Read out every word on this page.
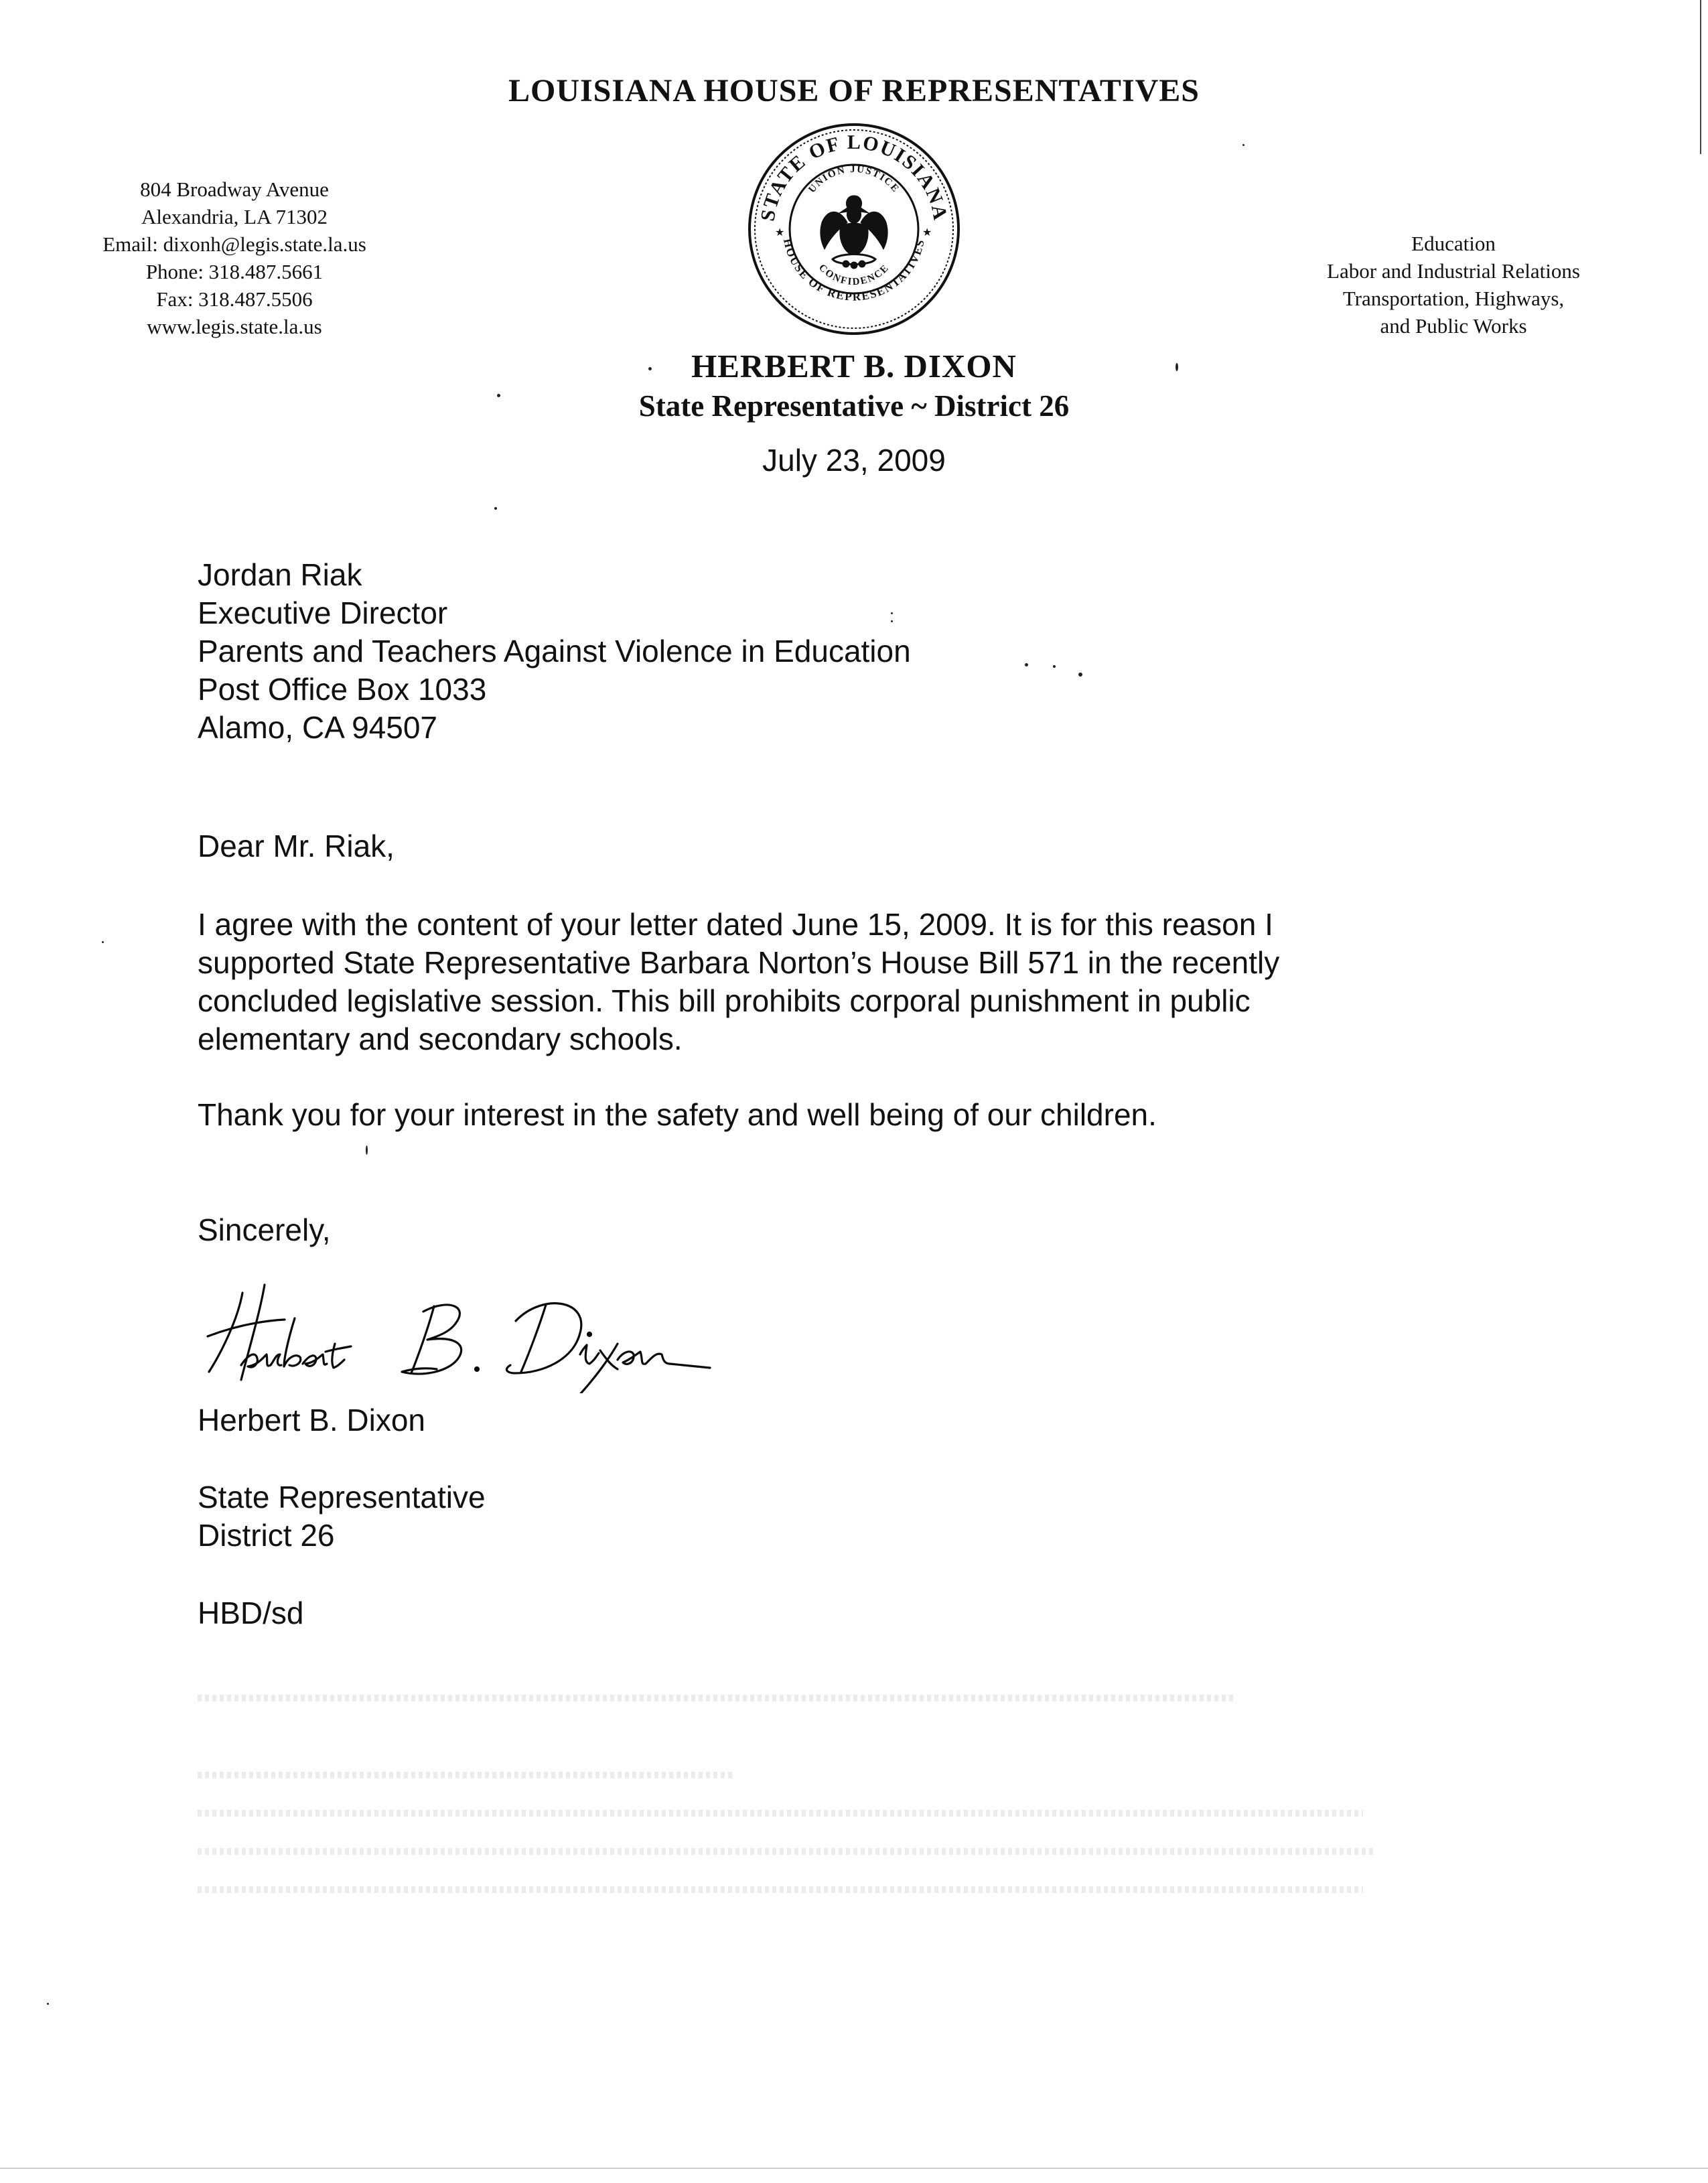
LOUISIANA HOUSE OF REPRESENTATIVES
804 Broadway Avenue
Alexandria, LA 71302
Email: dixonh@legis.state.la.us
Phone: 318.487.5661
Fax: 318.487.5506
www.legis.state.la.us
STATE OF LOUISIANA
HOUSE OF REPRESENTATIVES
UNION JUSTICE
CONFIDENCE
★	★	Education
Labor and Industrial Relations
Transportation, Highways,
and Public Works
HERBERT B. DIXON
State Representative ~ District 26
July 23, 2009
Jordan Riak
Executive Director
Parents and Teachers Against Violence in Education
Post Office Box 1033
Alamo, CA 94507
Dear Mr. Riak,
I agree with the content of your letter dated June 15, 2009. It is for this reason I
supported State Representative Barbara Norton’s House Bill 571 in the recently
concluded legislative session. This bill prohibits corporal punishment in public
elementary and secondary schools.
Thank you for your interest in the safety and well being of our children.
Sincerely,
Herbert B. Dixon
State Representative
District 26
HBD/sd
